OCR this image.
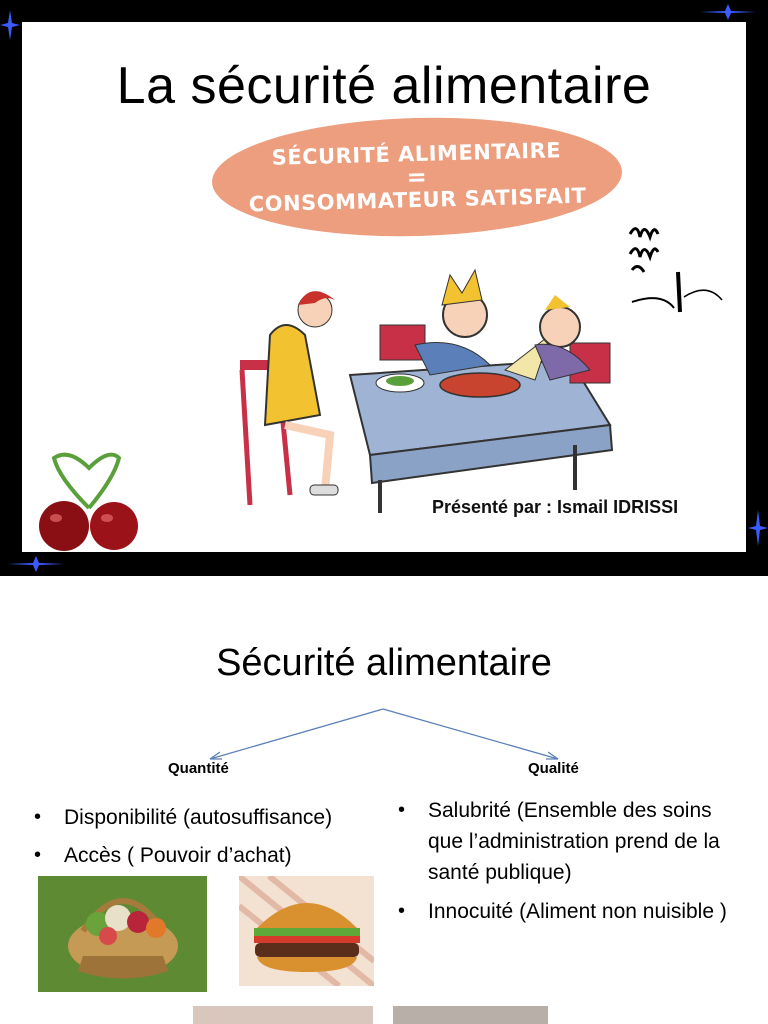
La sécurité alimentaire
SÉCURITÉ ALIMENTAIRE
=
CONSOMMATEUR SATISFAIT
Présenté par : Ismail IDRISSI
Sécurité alimentaire
Quantité	Qualité
• Disponibilité (autosuffisance)
• Accès ( Pouvoir d’achat)
• Salubrité (Ensemble des soins que l’administration prend de la santé publique)
• Innocuité (Aliment non nuisible )
